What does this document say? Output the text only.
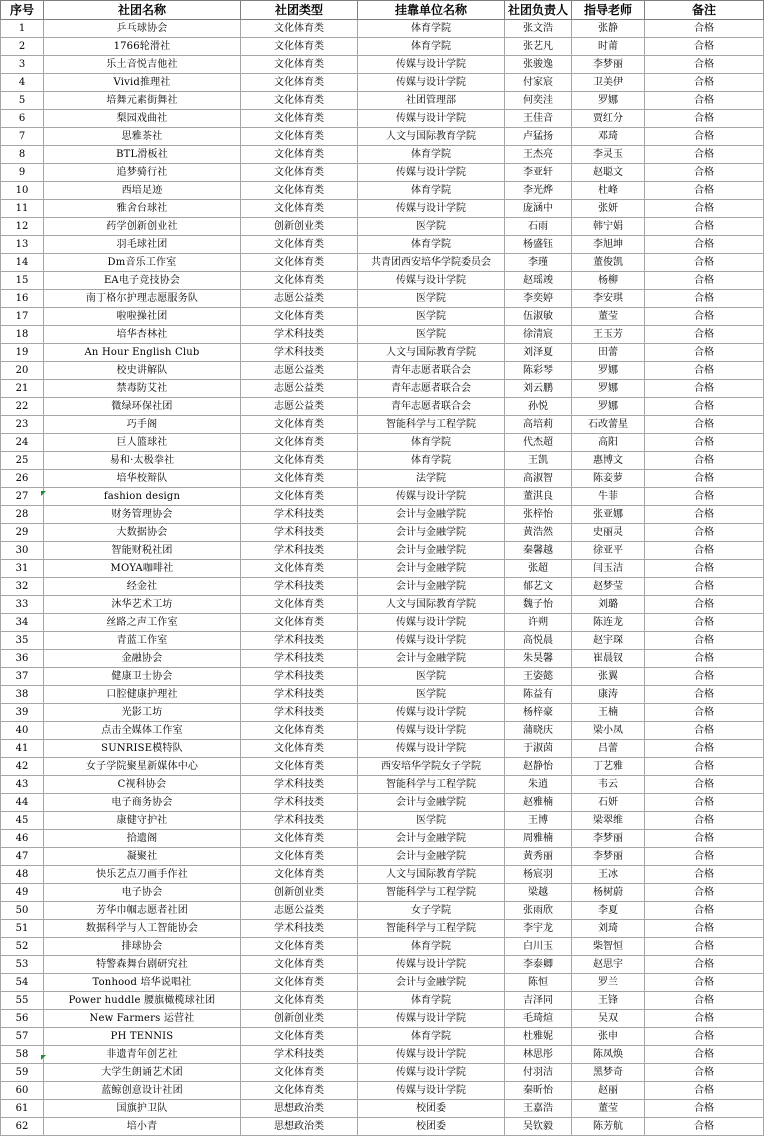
序号	社团名称	社团类型	挂靠单位名称	社团负责人	指导老师	备注
1	乒乓球协会	文化体育类	体育学院	张文浩	张静	合格
2	1766轮滑社	文化体育类	体育学院	张艺凡	时莆	合格
3	乐土音悦吉他社	文化体育类	传媒与设计学院	张骏逸	李梦丽	合格
4	Vivid推理社	文化体育类	传媒与设计学院	付家宸	卫美伊	合格
5	培舞元素街舞社	文化体育类	社团管理部	何奕洼	罗娜	合格
6	梨园戏曲社	文化体育类	传媒与设计学院	王佳音	贾红分	合格
7	思雅茶社	文化体育类	人文与国际教育学院	卢猛扬	邓琦	合格
8	BTL滑板社	文化体育类	体育学院	王杰亮	李灵玉	合格
9	追梦骑行社	文化体育类	传媒与设计学院	李亚轩	赵聪文	合格
10	西培足迹	文化体育类	体育学院	李光烨	杜峰	合格
11	雅舍台球社	文化体育类	传媒与设计学院	庞涵中	张妍	合格
12	药学创新创业社	创新创业类	医学院	石雨	韩宁娟	合格
13	羽毛球社团	文化体育类	体育学院	杨盛钰	李旭坤	合格
14	Dm音乐工作室	文化体育类	共青团西安培华学院委员会	李瑾	董俊凯	合格
15	EA电子竞技协会	文化体育类	传媒与设计学院	赵瑶竣	杨柳	合格
16	南丁格尔护理志愿服务队	志愿公益类	医学院	李奕婷	李安琪	合格
17	啦啦操社团	文化体育类	医学院	伍淑敏	董莹	合格
18	培华杏林社	学术科技类	医学院	徐清宸	王玉芳	合格
19	An Hour English Club	学术科技类	人文与国际教育学院	刘泽夏	田蕾	合格
20	校史讲解队	志愿公益类	青年志愿者联合会	陈彩琴	罗娜	合格
21	禁毒防艾社	志愿公益类	青年志愿者联合会	刘云鹏	罗娜	合格
22	微绿环保社团	志愿公益类	青年志愿者联合会	孙悦	罗娜	合格
23	巧手阁	文化体育类	智能科学与工程学院	高培莉	石改蕾星	合格
24	巨人篮球社	文化体育类	体育学院	代杰超	高阳	合格
25	易和·太极拳社	文化体育类	体育学院	王凯	惠博文	合格
26	培华校辩队	文化体育类	法学院	高淑智	陈妾萝	合格
27	fashion design	文化体育类	传媒与设计学院	董淇良	牛菲	合格
28	财务管理协会	学术科技类	会计与金融学院	张梓怡	张亚娜	合格
29	大数据协会	学术科技类	会计与金融学院	黄浩然	史丽灵	合格
30	智能财税社团	学术科技类	会计与金融学院	秦馨越	徐亚平	合格
31	MOYA咖啡社	文化体育类	会计与金融学院	张超	闫玉洁	合格
32	经金社	学术科技类	会计与金融学院	郁艺文	赵梦莹	合格
33	沐华艺术工坊	文化体育类	人文与国际教育学院	魏子怡	刘璐	合格
34	丝路之声工作室	文化体育类	传媒与设计学院	许朔	陈连龙	合格
35	青蓝工作室	学术科技类	传媒与设计学院	高悦晨	赵宇琛	合格
36	金融协会	学术科技类	会计与金融学院	朱昊馨	崔晨钗	合格
37	健康卫士协会	学术科技类	医学院	王姿懿	张翼	合格
38	口腔健康护理社	学术科技类	医学院	陈益有	康涛	合格
39	光影工坊	学术科技类	传媒与设计学院	杨梓豪	王楠	合格
40	点击全媒体工作室	文化体育类	传媒与设计学院	蒲晓庆	梁小凤	合格
41	SUNRISE模特队	文化体育类	传媒与设计学院	于淑茵	吕蕾	合格
42	女子学院聚星新媒体中心	文化体育类	西安培华学院女子学院	赵静怡	丁艺雅	合格
43	C视科协会	学术科技类	智能科学与工程学院	朱逍	韦云	合格
44	电子商务协会	学术科技类	会计与金融学院	赵雅楠	石妍	合格
45	康健守护社	学术科技类	医学院	王博	梁翠维	合格
46	拾遗阁	文化体育类	会计与金融学院	周雅楠	李梦丽	合格
47	凝聚社	文化体育类	会计与金融学院	黄秀丽	李梦丽	合格
48	快乐艺点刀画手作社	文化体育类	人文与国际教育学院	杨宸羽	王冰	合格
49	电子协会	创新创业类	智能科学与工程学院	梁越	杨树蔚	合格
50	芳华巾帼志愿者社团	志愿公益类	女子学院	张雨欣	李夏	合格
51	数据科学与人工智能协会	学术科技类	智能科学与工程学院	李宇龙	刘琦	合格
52	排球协会	文化体育类	体育学院	白川玉	柴智恒	合格
53	特警森舞台剧研究社	文化体育类	传媒与设计学院	李泰卿	赵思宇	合格
54	Tonhood 培华说唱社	文化体育类	会计与金融学院	陈恒	罗兰	合格
55	Power huddle 腰旗橄榄球社团	文化体育类	体育学院	吉泽同	王锋	合格
56	New Farmers 运营社	创新创业类	传媒与设计学院	毛琦煊	吴双	合格
57	PH TENNIS	文化体育类	体育学院	杜雅妮	张申	合格
58	非遗青年创艺社	学术科技类	传媒与设计学院	林思彤	陈凤焕	合格
59	大学生朗诵艺术团	文化体育类	传媒与设计学院	付羽洁	黑梦奇	合格
60	蓝鲸创意设计社团	文化体育类	传媒与设计学院	秦昕怡	赵丽	合格
61	国旗护卫队	思想政治类	校团委	王嘉浩	董莹	合格
62	培小青	思想政治类	校团委	吴钦毅	陈芳航	合格
